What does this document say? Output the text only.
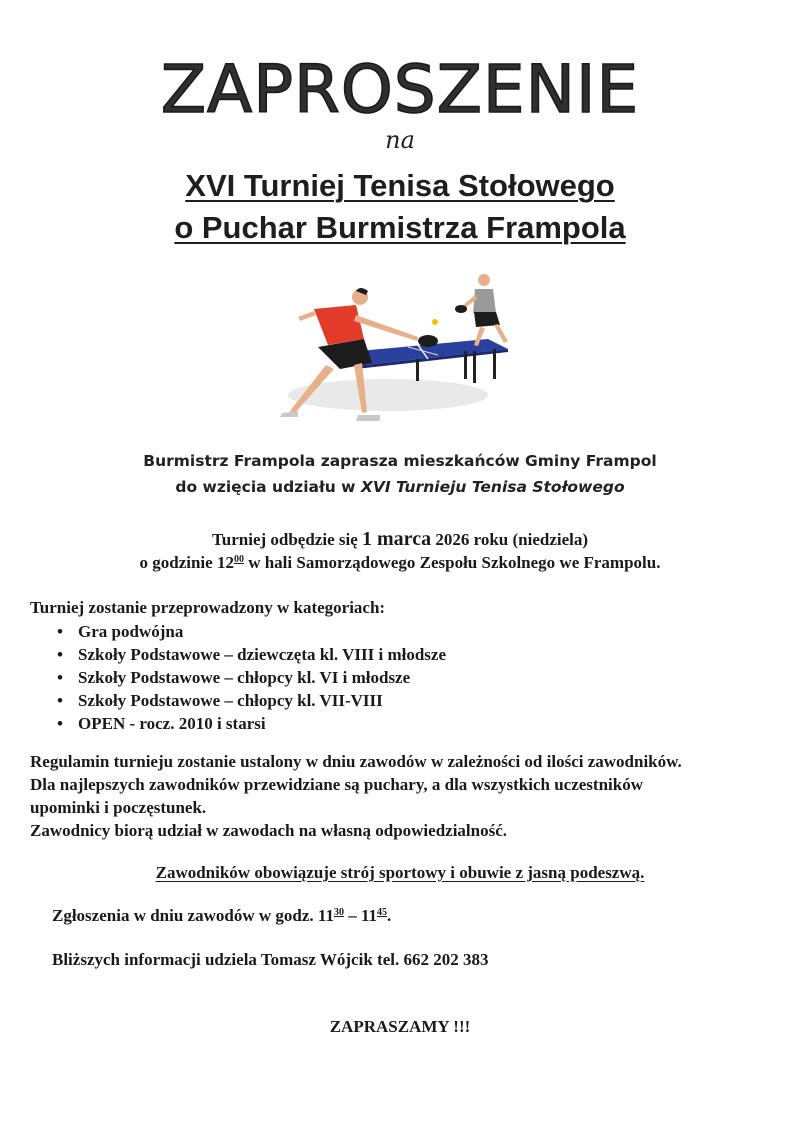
ZAPROSZENIE
na
XVI Turniej Tenisa Stołowego
o Puchar Burmistrza Frampola
Burmistrz Frampola zaprasza mieszkańców Gminy Frampol
do wzięcia udziału w XVI Turnieju Tenisa Stołowego
Turniej odbędzie się 1 marca 2026 roku (niedziela)
o godzinie $12^{00}$ w hali Samorządowego Zespołu Szkolnego we Frampolu.
Turniej zostanie przeprowadzony w kategoriach:
• Gra podwójna
• Szkoły Podstawowe – dziewczęta kl. VIII i młodsze
• Szkoły Podstawowe – chłopcy kl. VI i młodsze
• Szkoły Podstawowe – chłopcy kl. VII-VIII
• OPEN - rocz. 2010 i starsi
Regulamin turnieju zostanie ustalony w dniu zawodów w zależności od ilości zawodników.
Dla najlepszych zawodników przewidziane są puchary, a dla wszystkich uczestników
upominki i poczęstunek.
Zawodnicy biorą udział w zawodach na własną odpowiedzialność.
Zawodników obowiązuje strój sportowy i obuwie z jasną podeszwą.
Zgłoszenia w dniu zawodów w godz. $11^{30} - 11^{45}$.
Bliższych informacji udziela Tomasz Wójcik tel. 662 202 383
ZAPRASZAMY !!!
